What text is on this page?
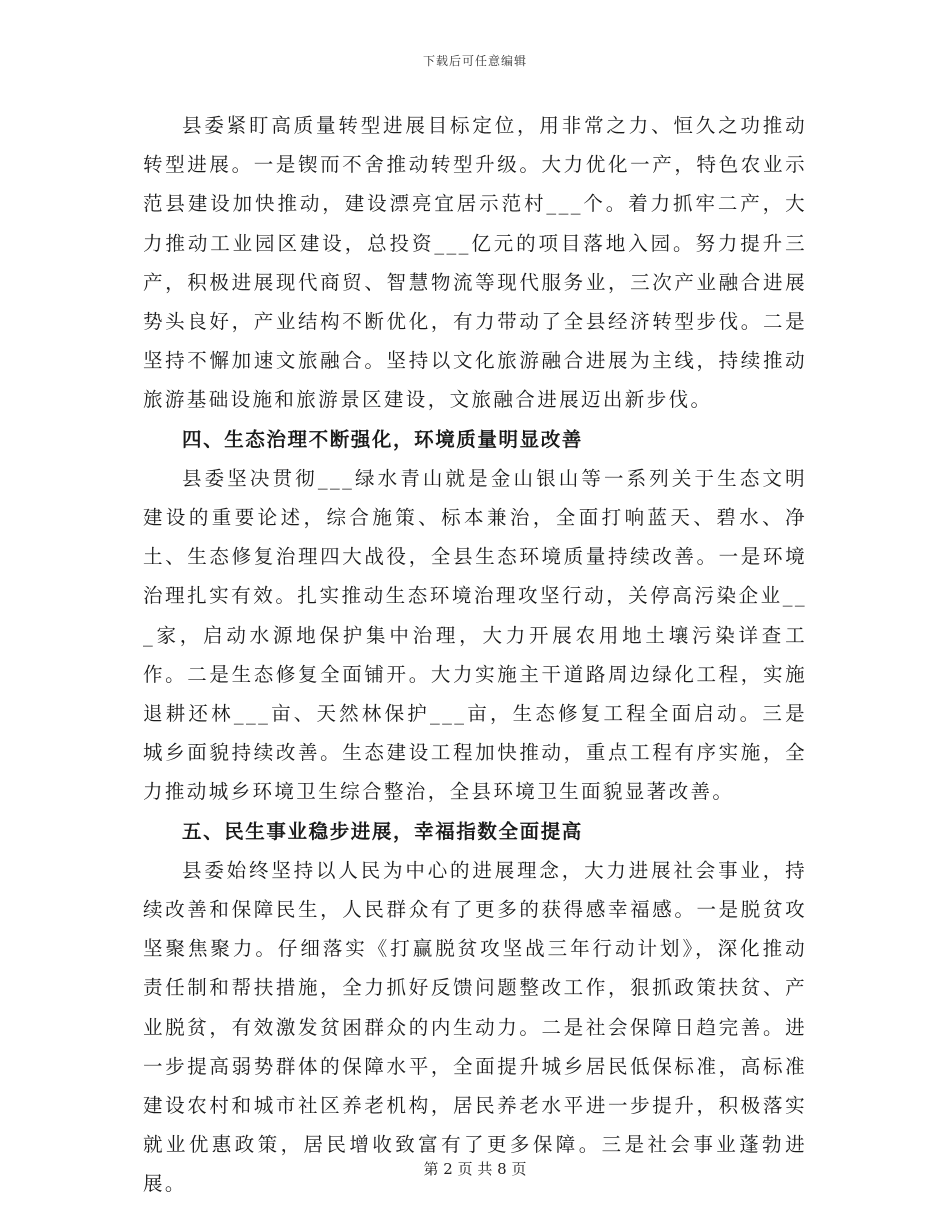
下载后可任意编辑

县委紧盯高质量转型进展目标定位，用非常之力、恒久之功推动转型进展。一是锲而不舍推动转型升级。大力优化一产，特色农业示范县建设加快推动，建设漂亮宜居示范村___个。着力抓牢二产，大力推动工业园区建设，总投资___亿元的项目落地入园。努力提升三产，积极进展现代商贸、智慧物流等现代服务业，三次产业融合进展势头良好，产业结构不断优化，有力带动了全县经济转型步伐。二是坚持不懈加速文旅融合。坚持以文化旅游融合进展为主线，持续推动旅游基础设施和旅游景区建设，文旅融合进展迈出新步伐。

四、生态治理不断强化，环境质量明显改善

县委坚决贯彻___绿水青山就是金山银山等一系列关于生态文明建设的重要论述，综合施策、标本兼治，全面打响蓝天、碧水、净土、生态修复治理四大战役，全县生态环境质量持续改善。一是环境治理扎实有效。扎实推动生态环境治理攻坚行动，关停高污染企业___家，启动水源地保护集中治理，大力开展农用地土壤污染详查工作。二是生态修复全面铺开。大力实施主干道路周边绿化工程，实施退耕还林___亩、天然林保护___亩，生态修复工程全面启动。三是城乡面貌持续改善。生态建设工程加快推动，重点工程有序实施，全力推动城乡环境卫生综合整治，全县环境卫生面貌显著改善。

五、民生事业稳步进展，幸福指数全面提高

县委始终坚持以人民为中心的进展理念，大力进展社会事业，持续改善和保障民生，人民群众有了更多的获得感幸福感。一是脱贫攻坚聚焦聚力。仔细落实《打赢脱贫攻坚战三年行动计划》，深化推动责任制和帮扶措施，全力抓好反馈问题整改工作，狠抓政策扶贫、产业脱贫，有效激发贫困群众的内生动力。二是社会保障日趋完善。进一步提高弱势群体的保障水平，全面提升城乡居民低保标准，高标准建设农村和城市社区养老机构，居民养老水平进一步提升，积极落实就业优惠政策，居民增收致富有了更多保障。三是社会事业蓬勃进展。

第 2 页 共 8 页
